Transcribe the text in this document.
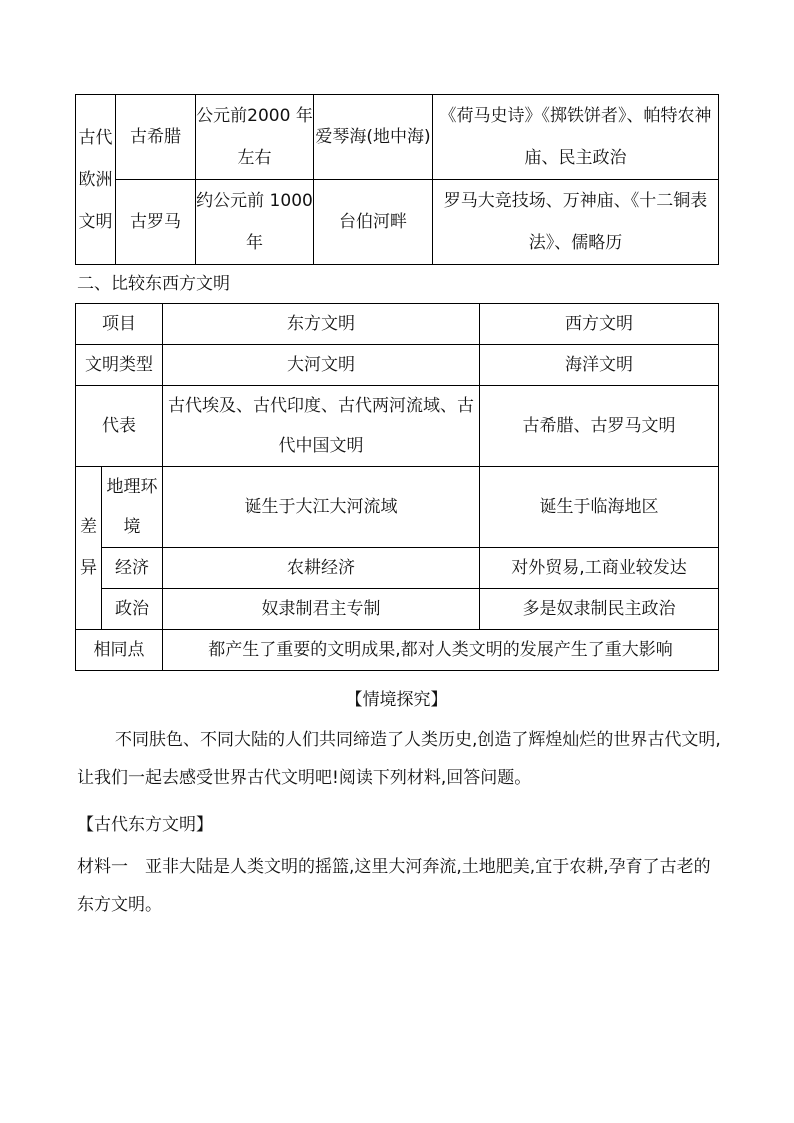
古代欧洲文明	古希腊	公元前2000 年左右	爱琴海(地中海)	《荷马史诗》《掷铁饼者》、帕特农神庙、民主政治
	古罗马	约公元前 1000 年	台伯河畔	罗马大竞技场、万神庙、《十二铜表法》、儒略历
二、比较东西方文明
项目		东方文明	西方文明
文明类型		大河文明	海洋文明
代表		古代埃及、古代印度、古代两河流域、古代中国文明	古希腊、古罗马文明
差异	地理环境	诞生于大江大河流域	诞生于临海地区
	经济	农耕经济	对外贸易,工商业较发达
	政治	奴隶制君主专制	多是奴隶制民主政治
相同点		都产生了重要的文明成果,都对人类文明的发展产生了重大影响	
【情境探究】
不同肤色、不同大陆的人们共同缔造了人类历史,创造了辉煌灿烂的世界古代文明,让我们一起去感受世界古代文明吧!阅读下列材料,回答问题。
【古代东方文明】
材料一　亚非大陆是人类文明的摇篮,这里大河奔流,土地肥美,宜于农耕,孕育了古老的东方文明。
